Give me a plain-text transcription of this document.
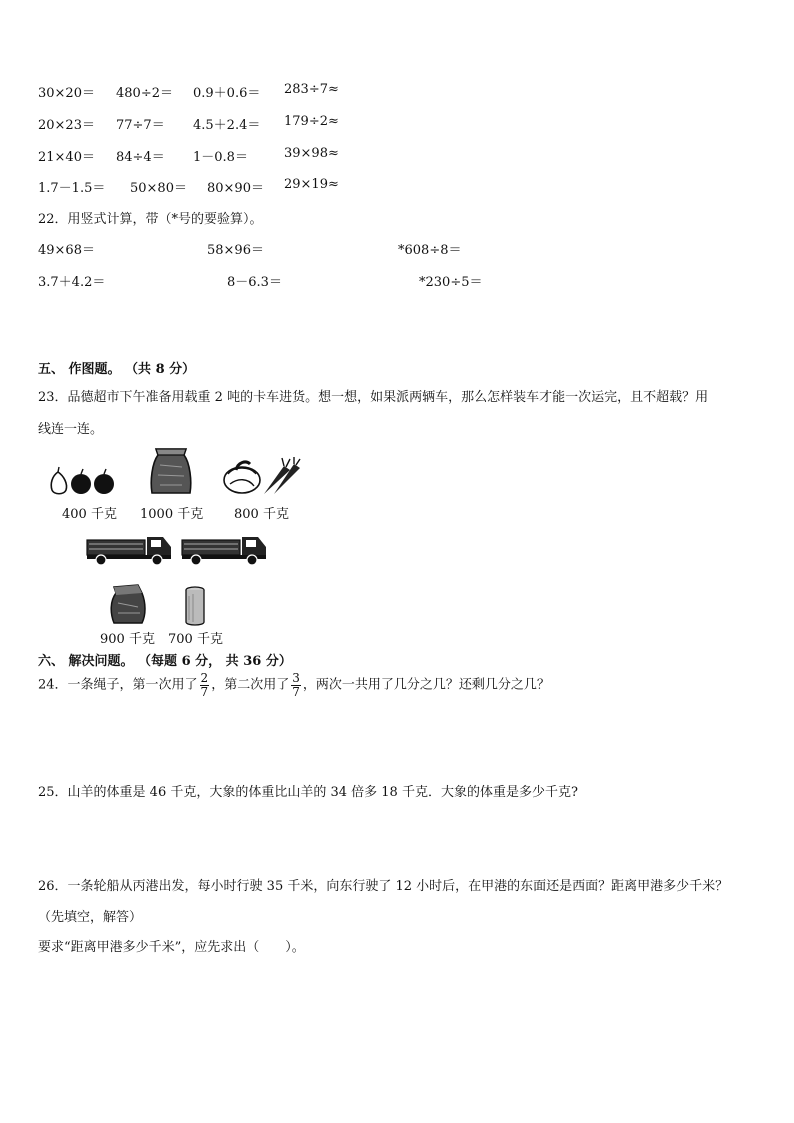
30×20＝ 480÷2＝ 0.9＋0.6＝ 283÷7≈
20×23＝ 77÷7＝ 4.5＋2.4＝ 179÷2≈
21×40＝ 84÷4＝ 1－0.8＝	39×98≈
1.7－1.5＝ 50×80＝ 80×90＝ 29×19≈
22．用竖式计算，带（*号的要验算）。
49×68＝	58×96＝	*608÷8＝
3.7＋4.2＝	8－6.3＝	*230÷5＝
五、 作图题。 （共 8 分）
23．品德超市下午准备用载重 2 吨的卡车进货。想一想，如果派两辆车，那么怎样装车才能一次运完，且不超载？用
线连一连。
400 千克 1000 千克 800 千克
900 千克 700 千克
六、 解决问题。 （每题 6 分， 共 36 分）
24．一条绳子，第一次用了 $\frac{2}{7}$ ，第二次用了 $\frac{3}{7}$ ，两次一共用了几分之几？还剩几分之几？
25．山羊的体重是 46 千克，大象的体重比山羊的 34 倍多 18 千克．大象的体重是多少千克?
26．一条轮船从丙港出发，每小时行驶 35 千米，向东行驶了 12 小时后，在甲港的东面还是西面？距离甲港多少千米？
（先填空，解答）
要求“距离甲港多少千米”，应先求出（ ）。
